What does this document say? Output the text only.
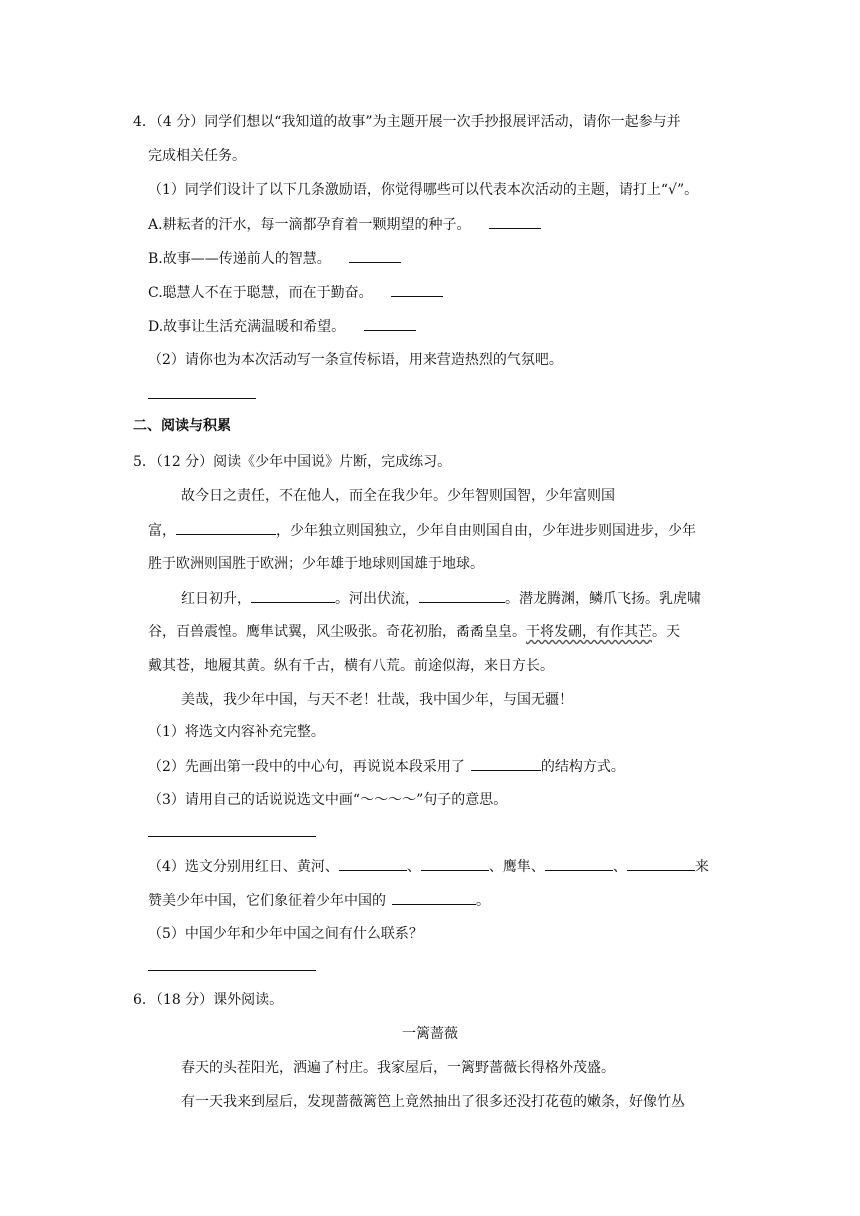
4．（4 分）同学们想以“我知道的故事”为主题开展一次手抄报展评活动，请你一起参与并
完成相关任务。
（1）同学们设计了以下几条激励语，你觉得哪些可以代表本次活动的主题，请打上“√”。
A.耕耘者的汗水，每一滴都孕育着一颗期望的种子。
B.故事——传递前人的智慧。
C.聪慧人不在于聪慧，而在于勤奋。
D.故事让生活充满温暖和希望。
（2）请你也为本次活动写一条宣传标语，用来营造热烈的气氛吧。
二、阅读与积累
5．（12 分）阅读《少年中国说》片断，完成练习。
故今日之责任，不在他人，而全在我少年。少年智则国智，少年富则国
富，	，少年独立则国独立，少年自由则国自由，少年进步则国进步，少年
胜于欧洲则国胜于欧洲；少年雄于地球则国雄于地球。
红日初升，	。河出伏流，	。潜龙腾渊，鳞爪飞扬。乳虎啸
谷，百兽震惶。鹰隼试翼，风尘吸张。奇花初胎，矞矞皇皇。干将发硎，有作其芒。天
戴其苍，地履其黄。纵有千古，横有八荒。前途似海，来日方长。
美哉，我少年中国，与天不老！壮哉，我中国少年，与国无疆！
（1）将选文内容补充完整。
（2）先画出第一段中的中心句，再说说本段采用了	的结构方式。
（3）请用自己的话说说选文中画“～～～～”句子的意思。
（4）选文分别用红日、黄河、	、	、鹰隼、	、	来
赞美少年中国，它们象征着少年中国的	。
（5）中国少年和少年中国之间有什么联系？
6．（18 分）课外阅读。
一篱蔷薇
春天的头茬阳光，洒遍了村庄。我家屋后，一篱野蔷薇长得格外茂盛。
有一天我来到屋后，发现蔷薇篱笆上竟然抽出了很多还没打花苞的嫩条，好像竹丛
